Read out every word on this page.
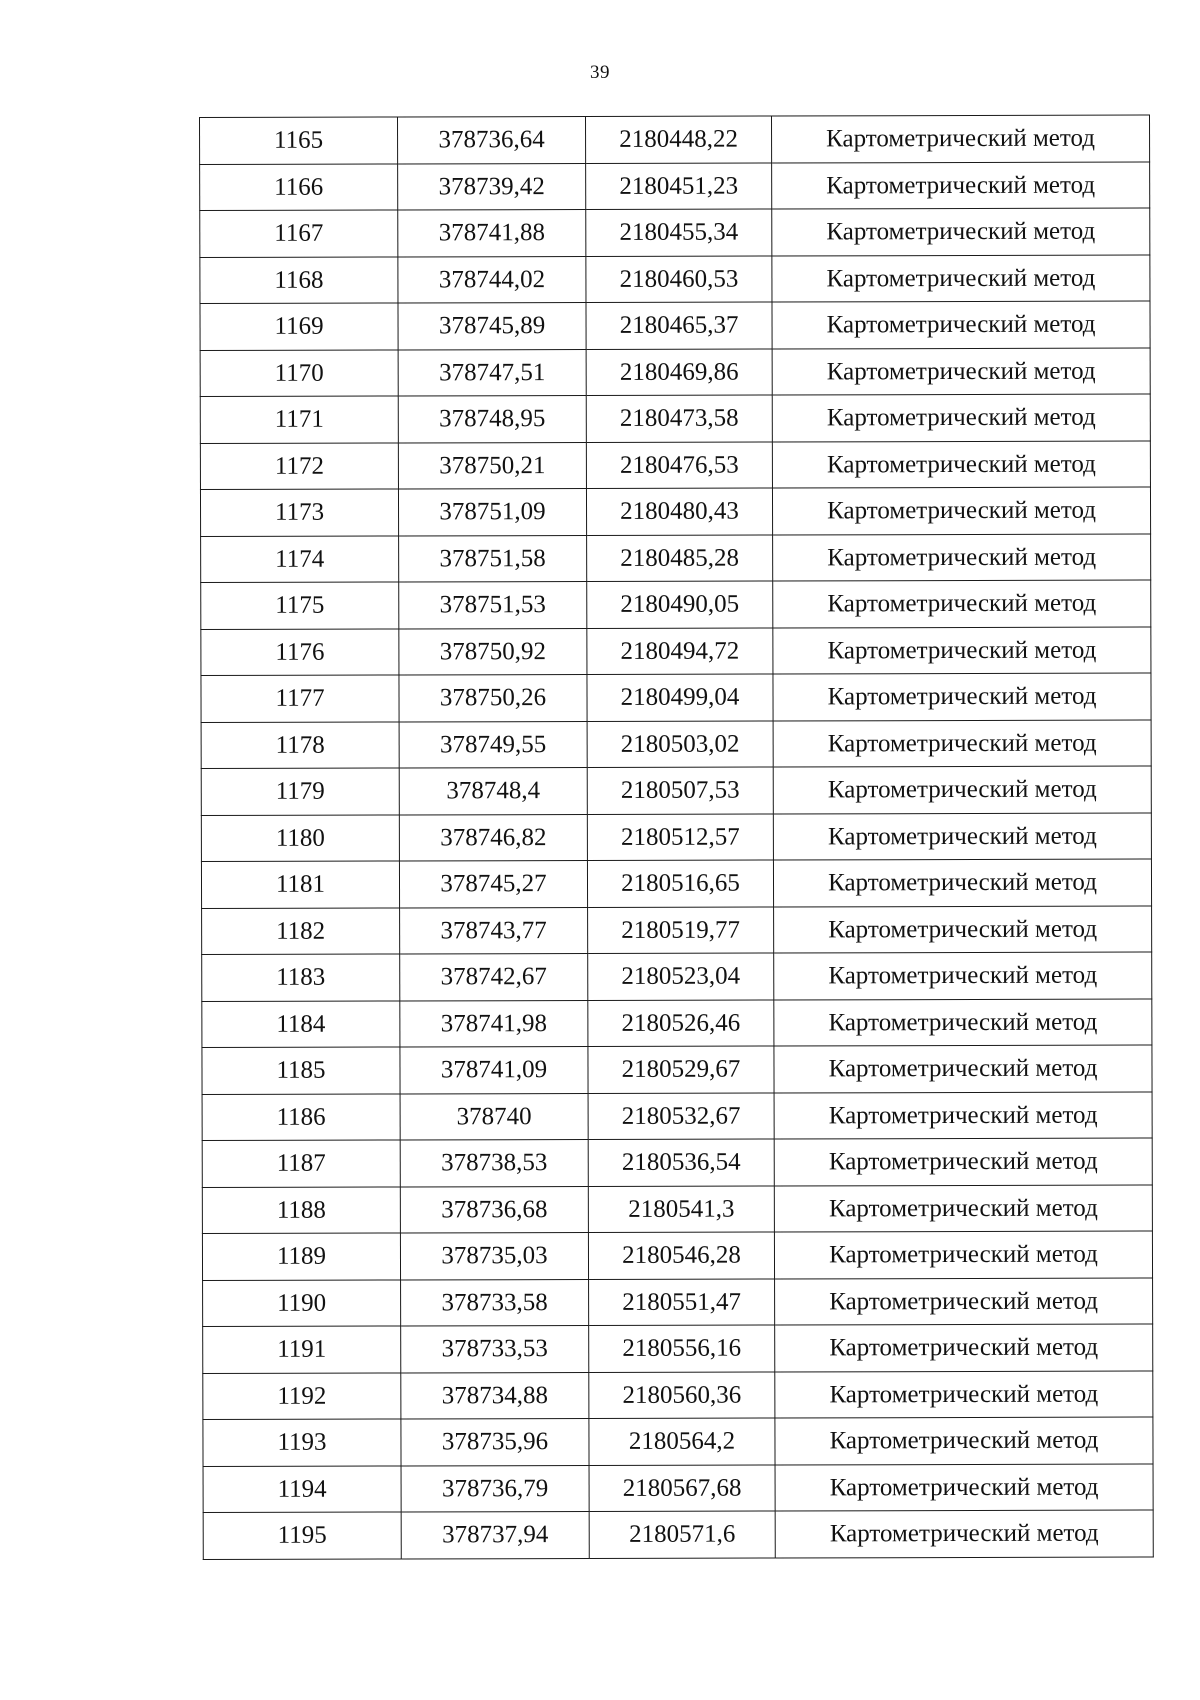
39
1165	378736,64	2180448,22	Картометрический метод
1166	378739,42	2180451,23	Картометрический метод
1167	378741,88	2180455,34	Картометрический метод
1168	378744,02	2180460,53	Картометрический метод
1169	378745,89	2180465,37	Картометрический метод
1170	378747,51	2180469,86	Картометрический метод
1171	378748,95	2180473,58	Картометрический метод
1172	378750,21	2180476,53	Картометрический метод
1173	378751,09	2180480,43	Картометрический метод
1174	378751,58	2180485,28	Картометрический метод
1175	378751,53	2180490,05	Картометрический метод
1176	378750,92	2180494,72	Картометрический метод
1177	378750,26	2180499,04	Картометрический метод
1178	378749,55	2180503,02	Картометрический метод
1179	378748,4	2180507,53	Картометрический метод
1180	378746,82	2180512,57	Картометрический метод
1181	378745,27	2180516,65	Картометрический метод
1182	378743,77	2180519,77	Картометрический метод
1183	378742,67	2180523,04	Картометрический метод
1184	378741,98	2180526,46	Картометрический метод
1185	378741,09	2180529,67	Картометрический метод
1186	378740	2180532,67	Картометрический метод
1187	378738,53	2180536,54	Картометрический метод
1188	378736,68	2180541,3	Картометрический метод
1189	378735,03	2180546,28	Картометрический метод
1190	378733,58	2180551,47	Картометрический метод
1191	378733,53	2180556,16	Картометрический метод
1192	378734,88	2180560,36	Картометрический метод
1193	378735,96	2180564,2	Картометрический метод
1194	378736,79	2180567,68	Картометрический метод
1195	378737,94	2180571,6	Картометрический метод
